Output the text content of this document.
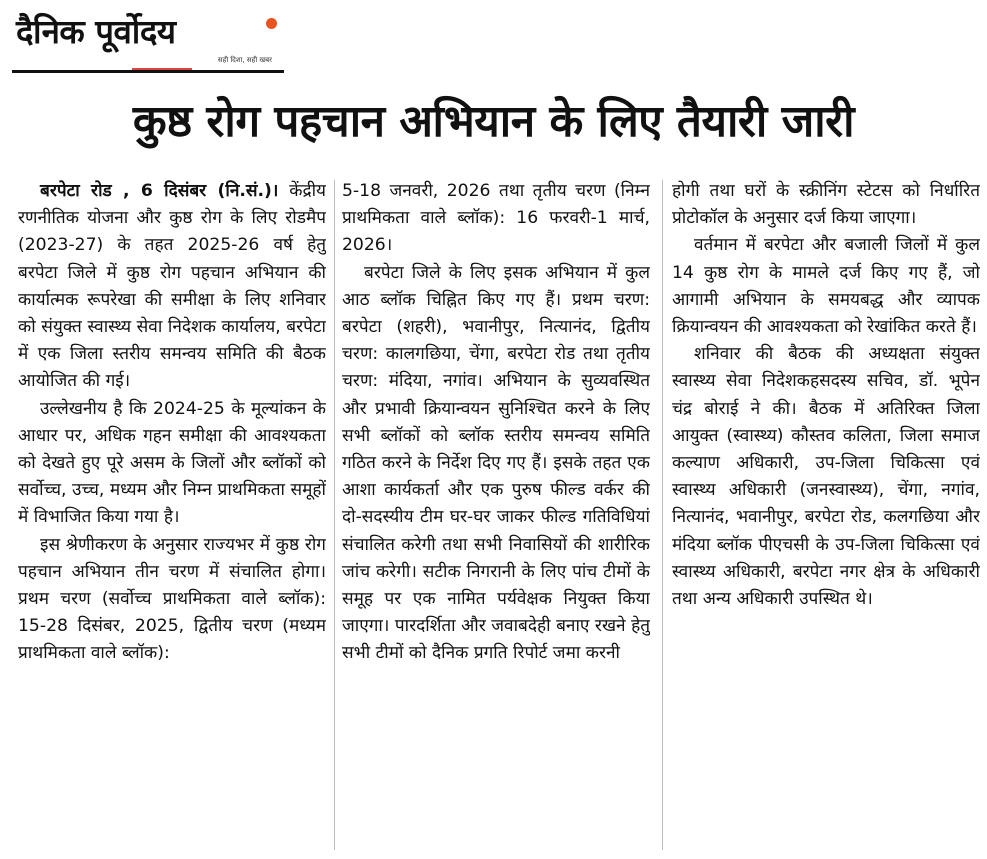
दैनिक पूर्वोदय
सही दिशा, सही खबर
कुष्ठ रोग पहचान अभियान के लिए तैयारी जारी

बरपेटा रोड , 6 दिसंबर (नि.सं.)। केंद्रीय रणनीतिक योजना और कुष्ठ रोग के लिए रोडमैप (2023-27) के तहत 2025-26 वर्ष हेतु बरपेटा जिले में कुष्ठ रोग पहचान अभियान की कार्यात्मक रूपरेखा की समीक्षा के लिए शनिवार को संयुक्त स्वास्थ्य सेवा निदेशक कार्यालय, बरपेटा में एक जिला स्तरीय समन्वय समिति की बैठक आयोजित की गई।

उल्लेखनीय है कि 2024-25 के मूल्यांकन के आधार पर, अधिक गहन समीक्षा की आवश्यकता को देखते हुए पूरे असम के जिलों और ब्लॉकों को सर्वोच्च, उच्च, मध्यम और निम्न प्राथमिकता समूहों में विभाजित किया गया है।

इस श्रेणीकरण के अनुसार राज्यभर में कुष्ठ रोग पहचान अभियान तीन चरण में संचालित होगा। प्रथम चरण (सर्वोच्च प्राथमिकता वाले ब्लॉक): 15-28 दिसंबर, 2025, द्वितीय चरण (मध्यम प्राथमिकता वाले ब्लॉक):

5-18 जनवरी, 2026 तथा तृतीय चरण (निम्न प्राथमिकता वाले ब्लॉक): 16 फरवरी-1 मार्च, 2026।

बरपेटा जिले के लिए इसक अभियान में कुल आठ ब्लॉक चिह्नित किए गए हैं। प्रथम चरण: बरपेटा (शहरी), भवानीपुर, नित्यानंद, द्वितीय चरण: कालगछिया, चेंगा, बरपेटा रोड तथा तृतीय चरण: मंदिया, नगांव। अभियान के सुव्यवस्थित और प्रभावी क्रियान्वयन सुनिश्चित करने के लिए सभी ब्लॉकों को ब्लॉक स्तरीय समन्वय समिति गठित करने के निर्देश दिए गए हैं। इसके तहत एक आशा कार्यकर्ता और एक पुरुष फील्ड वर्कर की दो-सदस्यीय टीम घर-घर जाकर फील्ड गतिविधियां संचालित करेगी तथा सभी निवासियों की शारीरिक जांच करेगी। सटीक निगरानी के लिए पांच टीमों के समूह पर एक नामित पर्यवेक्षक नियुक्त किया जाएगा। पारदर्शिता और जवाबदेही बनाए रखने हेतु सभी टीमों को दैनिक प्रगति रिपोर्ट जमा करनी

होगी तथा घरों के स्क्रीनिंग स्टेटस को निर्धारित प्रोटोकॉल के अनुसार दर्ज किया जाएगा।

वर्तमान में बरपेटा और बजाली जिलों में कुल 14 कुष्ठ रोग के मामले दर्ज किए गए हैं, जो आगामी अभियान के समयबद्ध और व्यापक क्रियान्वयन की आवश्यकता को रेखांकित करते हैं।

शनिवार की बैठक की अध्यक्षता संयुक्त स्वास्थ्य सेवा निदेशकहसदस्य सचिव, डॉ. भूपेन चंद्र बोराई ने की। बैठक में अतिरिक्त जिला आयुक्त (स्वास्थ्य) कौस्तव कलिता, जिला समाज कल्याण अधिकारी, उप-जिला चिकित्सा एवं स्वास्थ्य अधिकारी (जनस्वास्थ्य), चेंगा, नगांव, नित्यानंद, भवानीपुर, बरपेटा रोड, कलगछिया और मंदिया ब्लॉक पीएचसी के उप-जिला चिकित्सा एवं स्वास्थ्य अधिकारी, बरपेटा नगर क्षेत्र के अधिकारी तथा अन्य अधिकारी उपस्थित थे।
